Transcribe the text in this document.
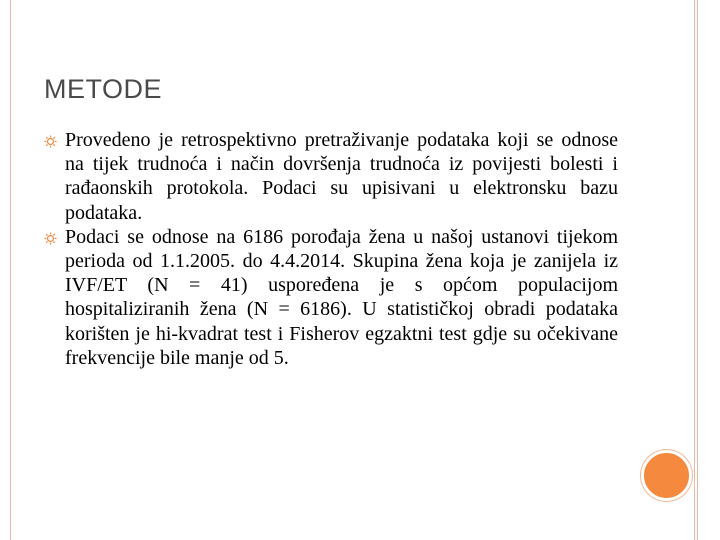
METODE
Provedeno je retrospektivno pretraživanje podataka koji se odnose na tijek trudnoća i način dovršenja trudnoća iz povijesti bolesti i rađaonskih protokola. Podaci su upisivani u elektronsku bazu podataka.
Podaci se odnose na 6186 porođaja žena u našoj ustanovi tijekom perioda od 1.1.2005. do 4.4.2014. Skupina žena koja je zanijela iz IVF/ET (N = 41) uspoređena je s općom populacijom hospitaliziranih žena (N = 6186). U statističkoj obradi podataka korišten je hi-kvadrat test i Fisherov egzaktni test gdje su očekivane frekvencije bile manje od 5.
